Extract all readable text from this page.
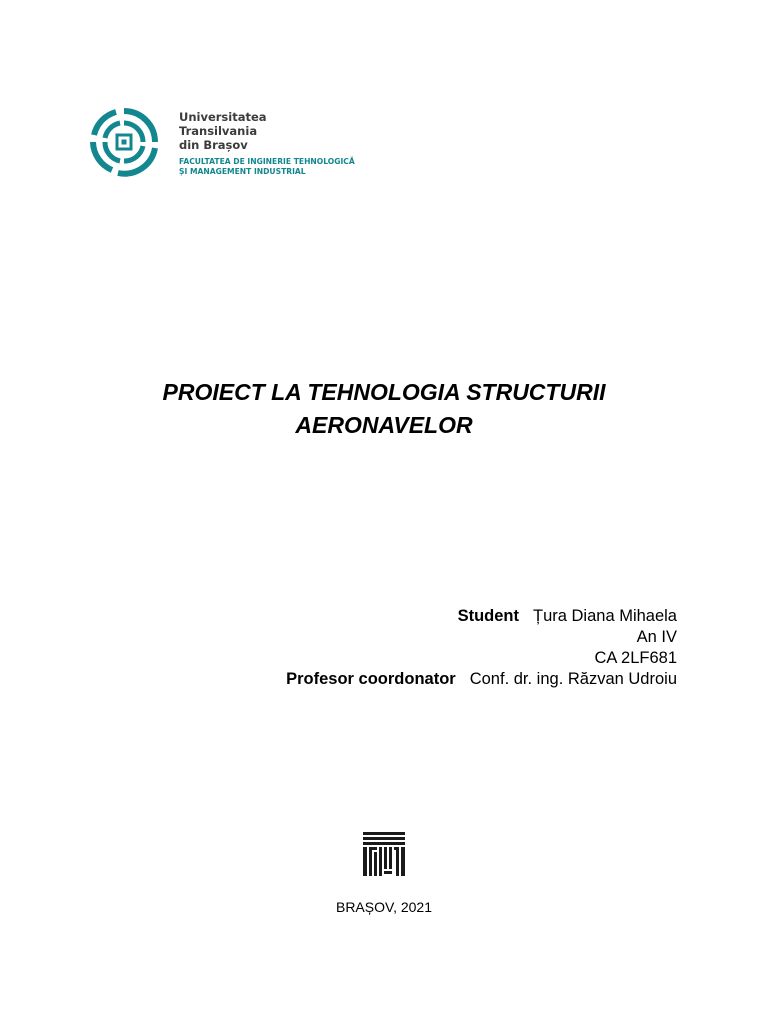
Universitatea
Transilvania
din Brașov
FACULTATEA DE INGINERIE TEHNOLOGICĂ
ȘI MANAGEMENT INDUSTRIAL
PROIECT LA TEHNOLOGIA STRUCTURII
AERONAVELOR
Student Țura Diana Mihaela
An IV
CA 2LF681
Profesor coordonator Conf. dr. ing. Răzvan Udroiu
BRAȘOV, 2021
